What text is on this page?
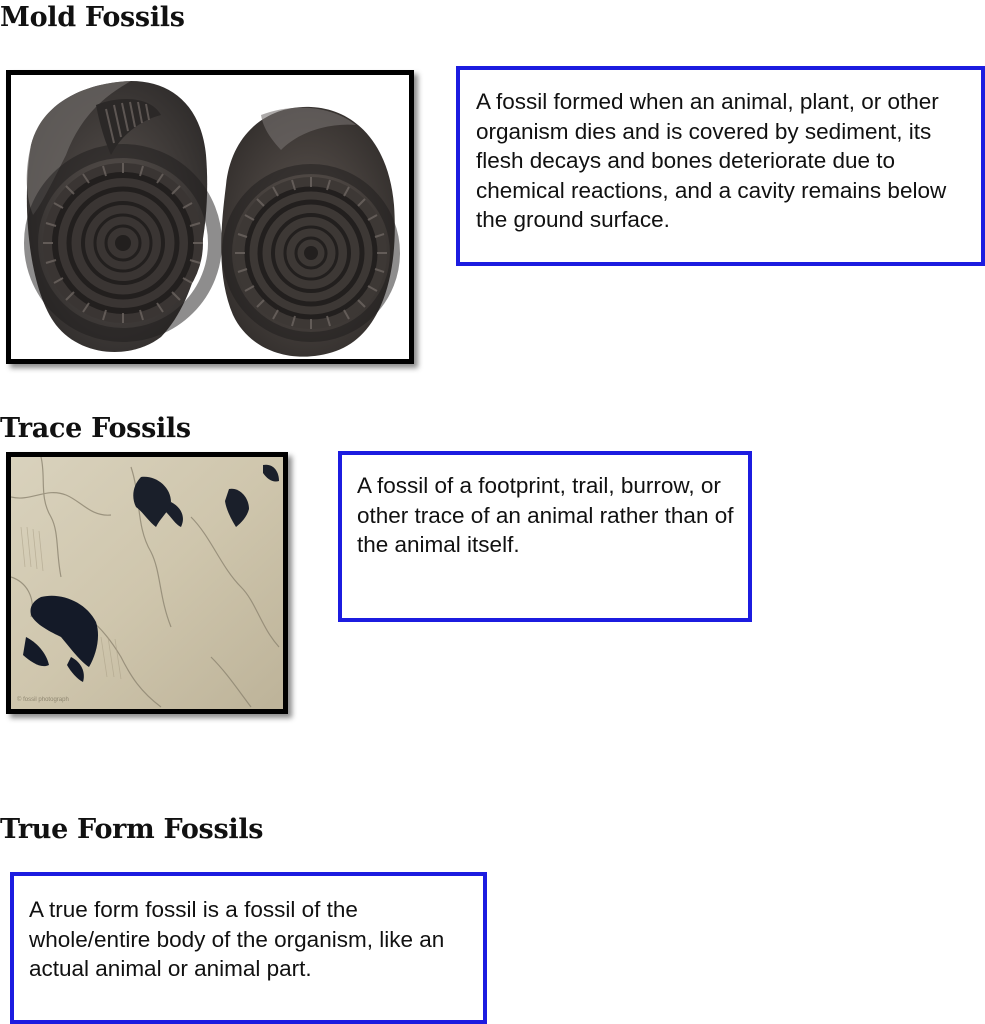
Mold Fossils

A fossil formed when an animal, plant, or other organism dies and is covered by sediment, its flesh decays and bones deteriorate due to chemical reactions, and a cavity remains below the ground surface.

Trace Fossils
© fossil photograph

A fossil of a footprint, trail, burrow, or other trace of an animal rather than of the animal itself.

True Form Fossils

A true form fossil is a fossil of the whole/entire body of the organism, like an actual animal or animal part.
